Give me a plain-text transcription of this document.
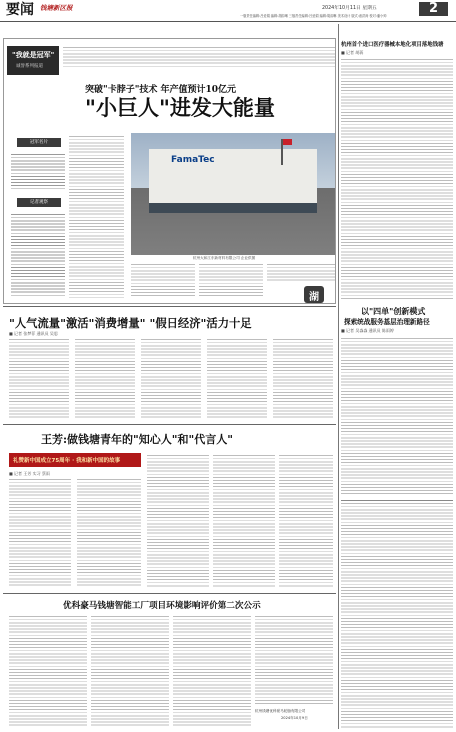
要闻 钱塘新区报	2024年10月11日 星期五	2
一版责任编辑:吕爱娟 编辑:胡韵琳 三版责任编辑:吕爱娟 编辑:胡韵琳 美术设计 版式:诸洪涛 校对:潘小帅
"我就是冠军"
诚誉系列报道
突破"卡脖子"技术 年产值预计10亿元
"小巨人"进发大能量
冠军名片
记者观察
FamaTec
杭州大和江东新材料有限公司 企业供图
湖
杭州首个进口医疗器械本地化项目落地钱塘
■ 记者 胡蒋
以"四单"创新模式
探索统战服务基层治理新路径
■ 记者 吴淼淼 通讯员 陈雨婷
"人气流量"激活"消费增量" "假日经济"活力十足
■ 记者 张梦菲 通讯员 吴思
王芳:做钱塘青年的"知心人"和"代言人"
礼赞新中国成立75周年 · 我和新中国的故事
■ 记者 王芳 实习 蔡雨
优科豪马钱塘智能工厂项目环境影响评价第二次公示
杭州钱塘优科豪马轮胎有限公司
2024年10月9日
